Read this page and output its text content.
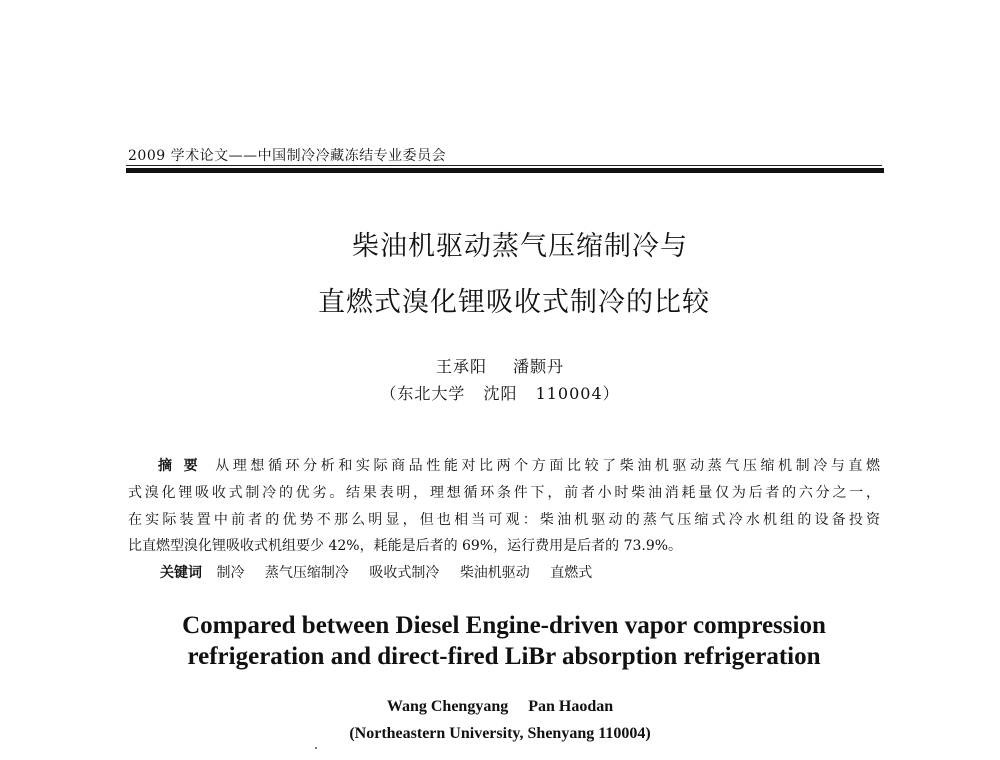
2009 学术论文——中国制冷冷藏冻结专业委员会
柴油机驱动蒸气压缩制冷与
直燃式溴化锂吸收式制冷的比较
王承阳 潘颢丹
（东北大学 沈阳 110004）
摘要 从理想循环分析和实际商品性能对比两个方面比较了柴油机驱动蒸气压缩机制冷与直燃
式溴化锂吸收式制冷的优劣。结果表明，理想循环条件下，前者小时柴油消耗量仅为后者的六分之一，
在实际装置中前者的优势不那么明显，但也相当可观：柴油机驱动的蒸气压缩式冷水机组的设备投资
比直燃型溴化锂吸收式机组要少 42%，耗能是后者的 69%，运行费用是后者的 73.9%。
关键词 制冷 蒸气压缩制冷 吸收式制冷 柴油机驱动 直燃式
Compared between Diesel Engine-driven vapor compression
refrigeration and direct-fired LiBr absorption refrigeration
Wang Chengyang Pan Haodan
(Northeastern University, Shenyang 110004)
